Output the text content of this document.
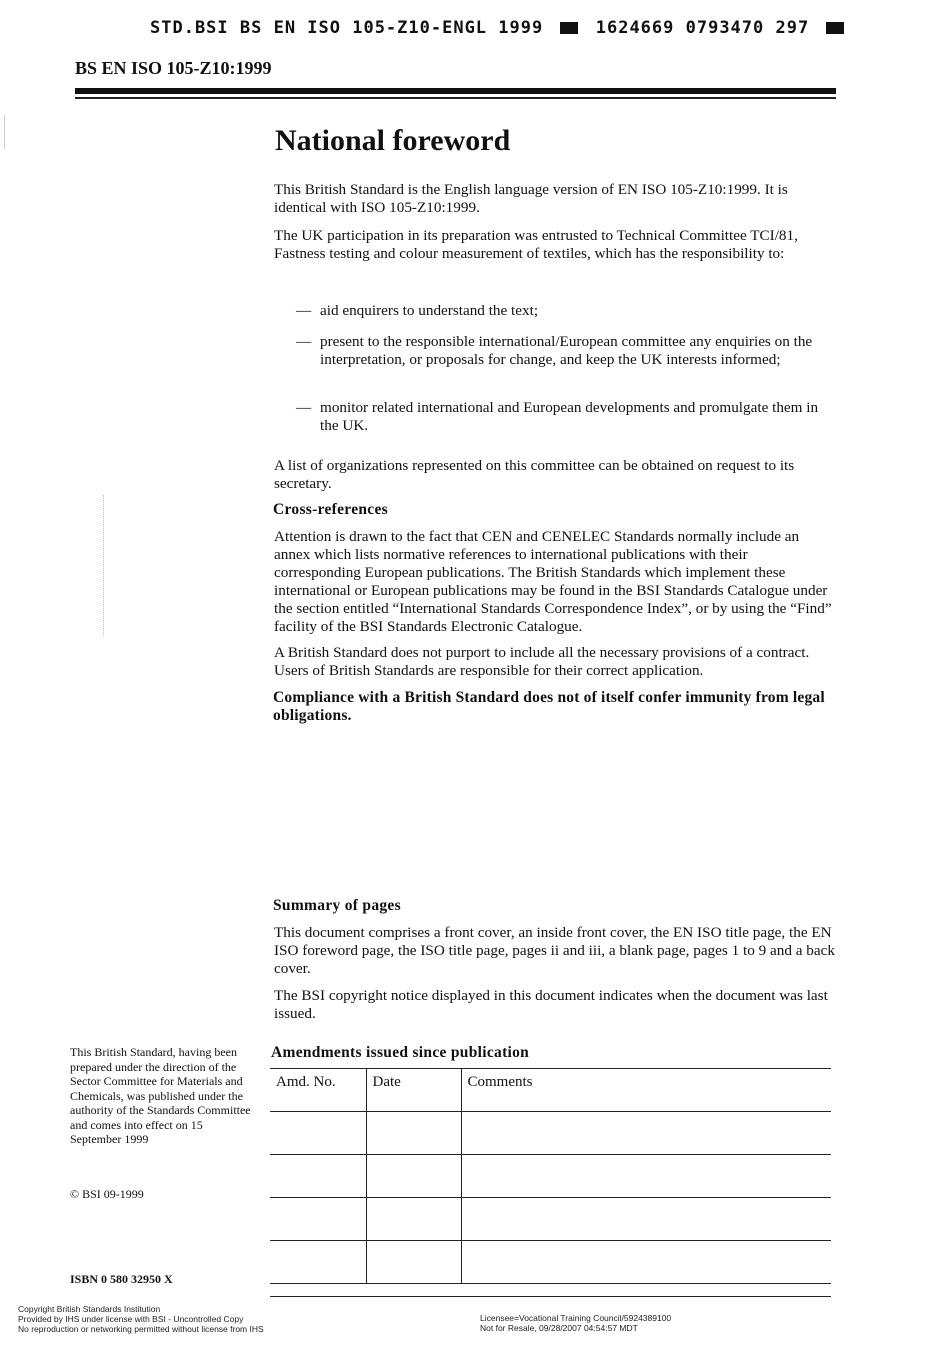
STD.BSI BS EN ISO 105-Z10-ENGL 1999	1624669 0793470 297
BS EN ISO 105-Z10:1999
National foreword

This British Standard is the English language version of EN ISO 105-Z10:1999. It is identical with ISO 105-Z10:1999.

The UK participation in its preparation was entrusted to Technical Committee TCI/81, Fastness testing and colour measurement of textiles, which has the responsibility to:

— aid enquirers to understand the text;
— present to the responsible international/European committee any enquiries on the interpretation, or proposals for change, and keep the UK interests informed;
— monitor related international and European developments and promulgate them in the UK.

A list of organizations represented on this committee can be obtained on request to its secretary.

Cross-references

Attention is drawn to the fact that CEN and CENELEC Standards normally include an annex which lists normative references to international publications with their corresponding European publications. The British Standards which implement these international or European publications may be found in the BSI Standards Catalogue under the section entitled “International Standards Correspondence Index”, or by using the “Find” facility of the BSI Standards Electronic Catalogue.

A British Standard does not purport to include all the necessary provisions of a contract. Users of British Standards are responsible for their correct application.

Compliance with a British Standard does not of itself confer immunity from legal obligations.

Summary of pages

This document comprises a front cover, an inside front cover, the EN ISO title page, the EN ISO foreword page, the ISO title page, pages ii and iii, a blank page, pages 1 to 9 and a back cover.

The BSI copyright notice displayed in this document indicates when the document was last issued.

This British Standard, having been prepared under the direction of the Sector Committee for Materials and Chemicals, was published under the authority of the Standards Committee and comes into effect on 15 September 1999
© BSI 09-1999
ISBN 0 580 32950 X
Amendments issued since publication
Amd. No.	Date	Comments

Copyright British Standards Institution
Provided by IHS under license with BSI - Uncontrolled Copy
No reproduction or networking permitted without license from IHS
Licensee=Vocational Training Council/5924389100
Not for Resale, 09/28/2007 04:54:57 MDT
